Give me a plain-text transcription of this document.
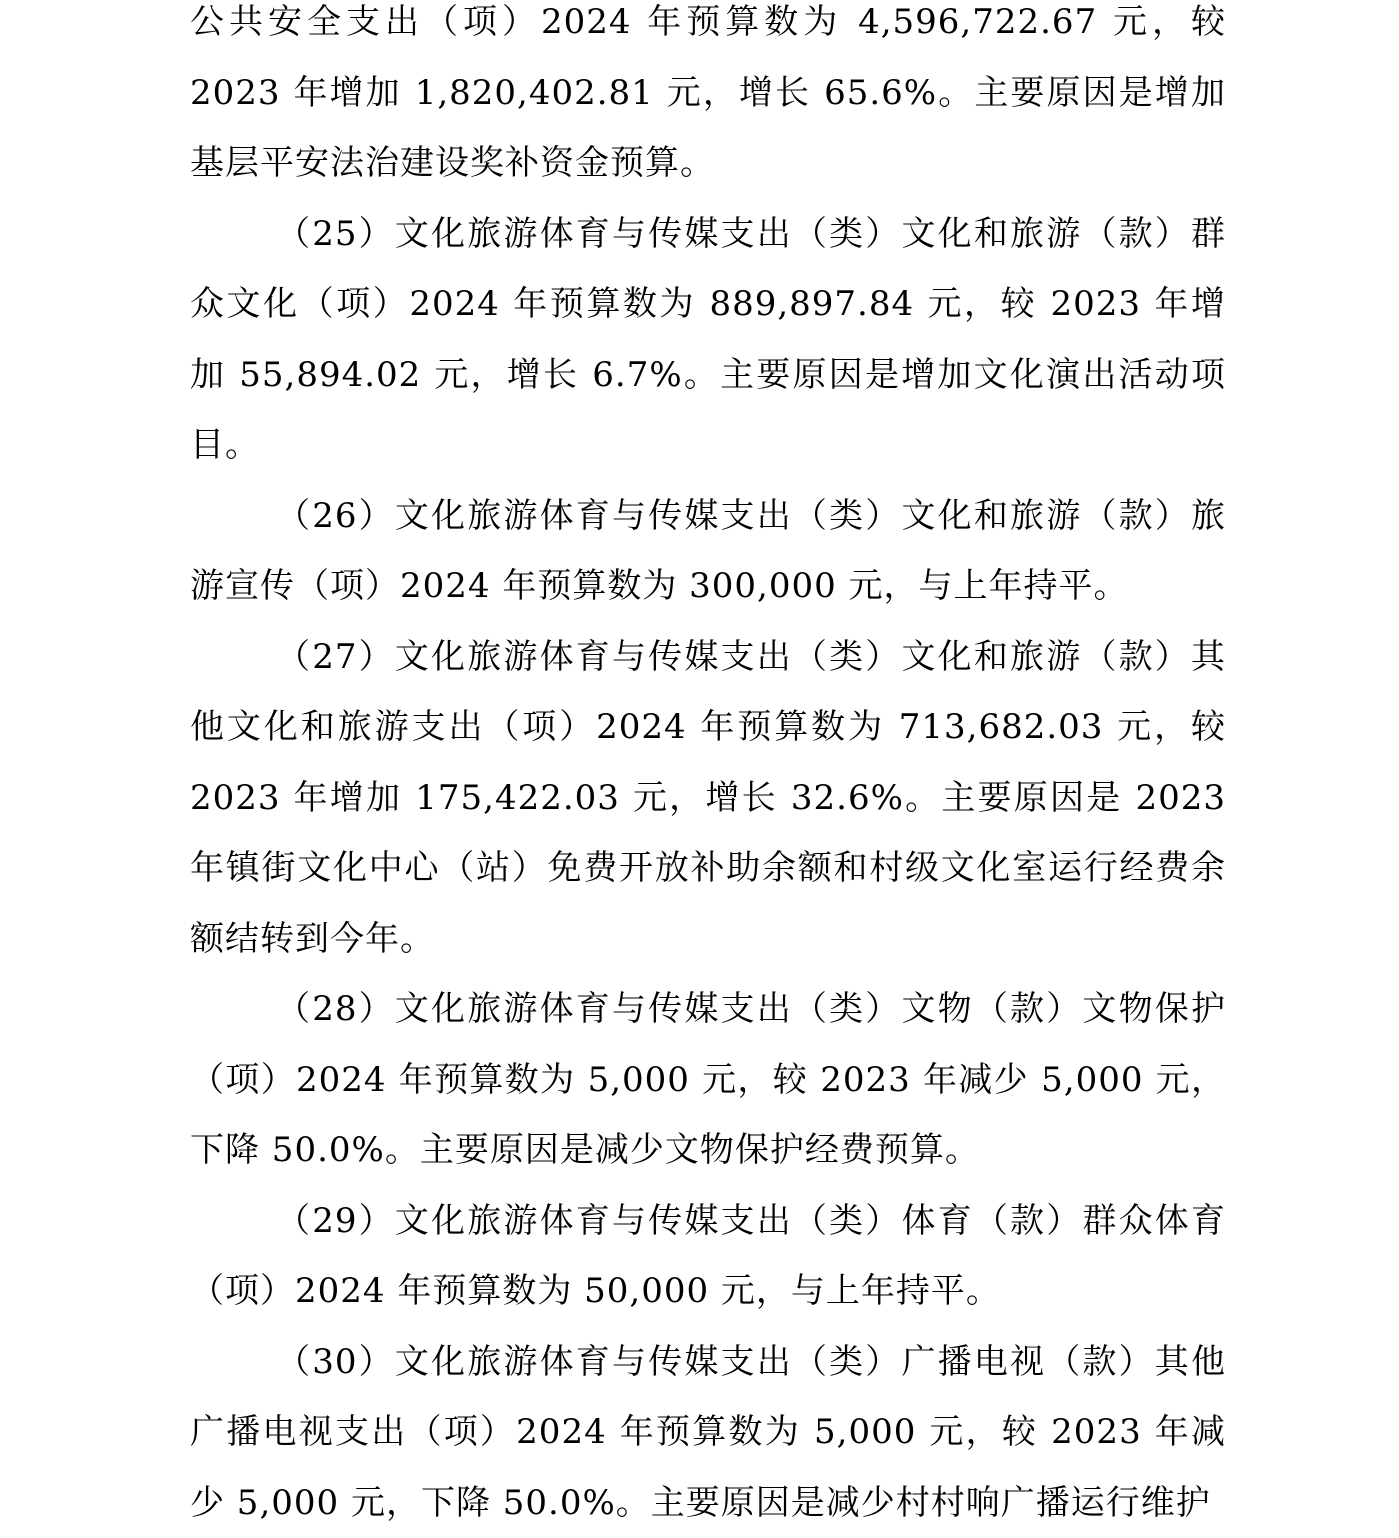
公共安全支出（项）2024 年预算数为 4,596,722.67 元，较 2023 年增加 1,820,402.81 元，增长 65.6%。主要原因是增加基层平安法治建设奖补资金预算。

（25）文化旅游体育与传媒支出（类）文化和旅游（款）群众文化（项）2024 年预算数为 889,897.84 元，较 2023 年增加 55,894.02 元，增长 6.7%。主要原因是增加文化演出活动项目。

（26）文化旅游体育与传媒支出（类）文化和旅游（款）旅游宣传（项）2024 年预算数为 300,000 元，与上年持平。

（27）文化旅游体育与传媒支出（类）文化和旅游（款）其他文化和旅游支出（项）2024 年预算数为 713,682.03 元，较 2023 年增加 175,422.03 元，增长 32.6%。主要原因是 2023 年镇街文化中心（站）免费开放补助余额和村级文化室运行经费余额结转到今年。

（28）文化旅游体育与传媒支出（类）文物（款）文物保护（项）2024 年预算数为 5,000 元，较 2023 年减少 5,000 元，下降 50.0%。主要原因是减少文物保护经费预算。

（29）文化旅游体育与传媒支出（类）体育（款）群众体育（项）2024 年预算数为 50,000 元，与上年持平。

（30）文化旅游体育与传媒支出（类）广播电视（款）其他广播电视支出（项）2024 年预算数为 5,000 元，较 2023 年减少 5,000 元，下降 50.0%。主要原因是减少村村响广播运行维护
